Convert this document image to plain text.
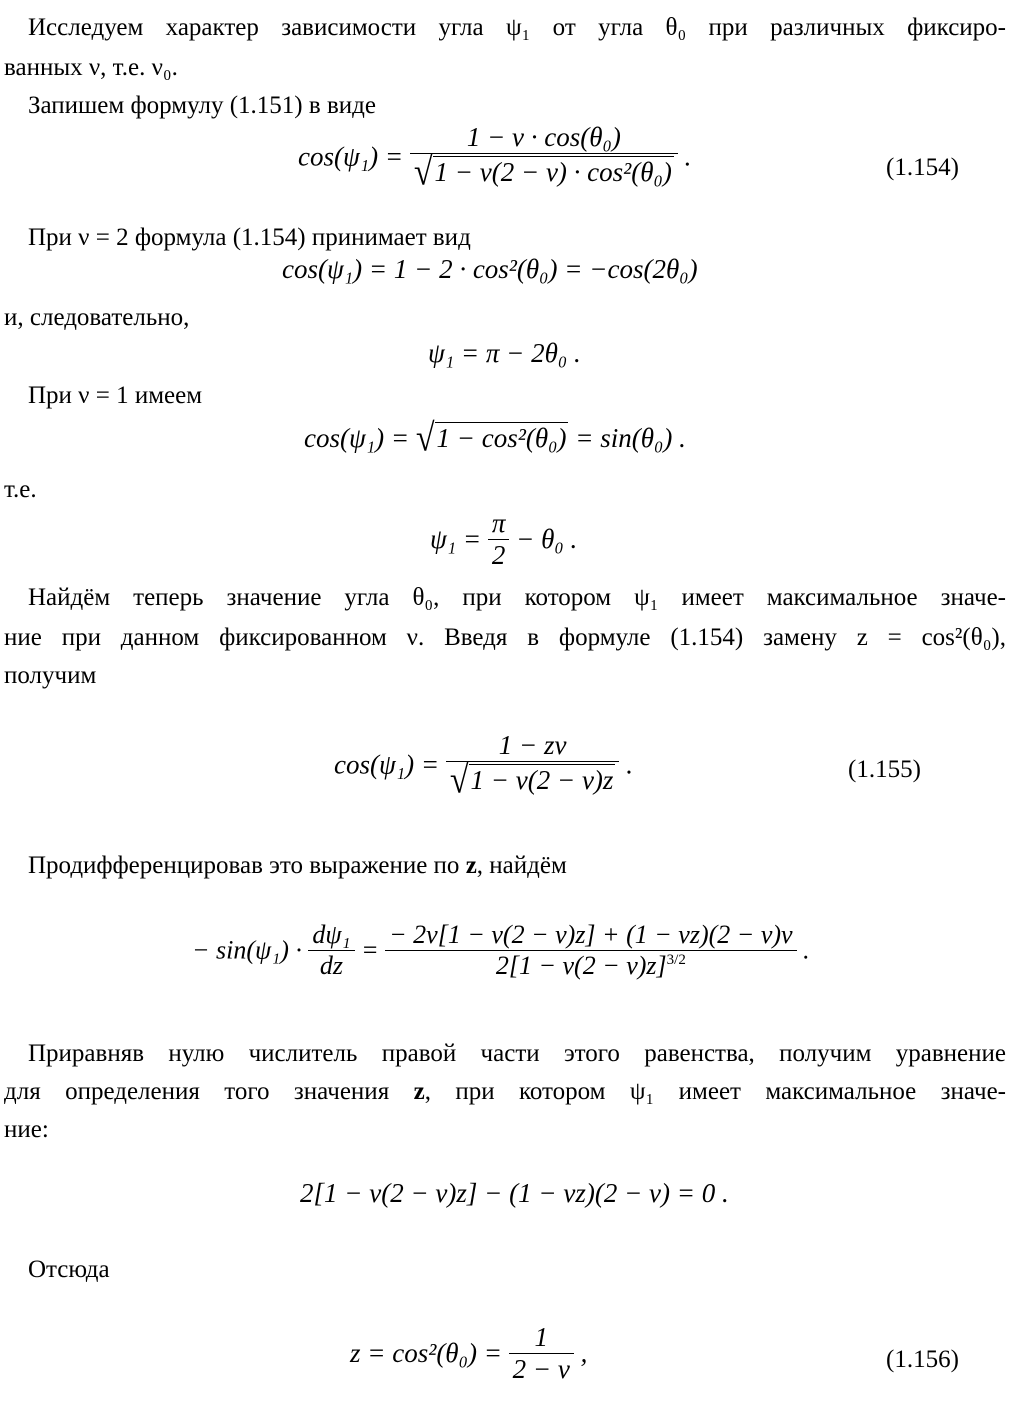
Исследуем характер зависимости угла ψ₁ от угла θ₀ при различных фиксиро-
ванных ν, т.е. ν₀.
Запишем формулу (1.151) в виде
$\cos(\psi_1) = \frac{\text{1 − ν · cos(θ₀)}}{\text{√1 − ν(2 − ν) · cos²(θ₀)}}$ .	(1.154)
При ν = 2 формула (1.154) принимает вид
cos(ψ₁) = 1 − 2 · cos²(θ₀) = −cos(2θ₀)
и, следовательно,
ψ₁ = π − 2θ₀ .
При ν = 1 имеем
cos(ψ₁) = √1 − cos²(θ₀) = sin(θ₀) .
т.е.
$\psi_1 = \frac{\pi}{2} - \theta_0$ .
Найдём теперь значение угла θ₀, при котором ψ₁ имеет максимальное значе-
ние при данном фиксированном ν. Введя в формуле (1.154) замену z = cos²(θ₀),
получим
$\cos(\psi_1) = \frac{1 - z\nu}{√1 - \nu(2 - \nu)z}$ .	(1.155)
Продифференцировав это выражение по z, найдём
− $\sin(\psi_1) \cdot \frac{\text{dψ₁}}{dz} = \frac{- 2\nu[1 - \nu(2 - \nu)z] + (1 - \nu z)(2 - \nu)\nu}{2[1 - \nu(2 - \nu)z]^{3/2}}$ .
Приравняв нулю числитель правой части этого равенства, получим уравнение
для определения того значения z, при котором ψ₁ имеет максимальное значе-
ние:
2[1 − ν(2 − ν)z] − (1 − νz)(2 − ν) = 0 .
Отсюда
$z = \cos^2(\theta_0) = \frac{1}{2 - \nu}$ ,	(1.156)
